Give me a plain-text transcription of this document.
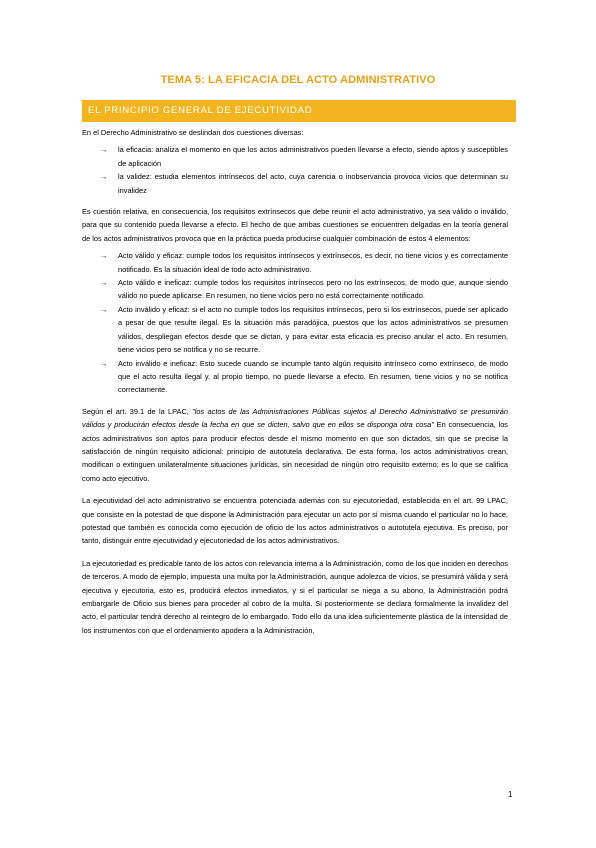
TEMA 5: LA EFICACIA DEL ACTO ADMINISTRATIVO
EL PRINCIPIO GENERAL DE EJECUTIVIDAD

En el Derecho Administrativo se deslindan dos cuestiones diversas:

→ la eficacia: analiza el momento en que los actos administrativos pueden llevarse a efecto, siendo aptos y susceptibles de aplicación
→ la validez: estudia elementos intrínsecos del acto, cuya carencia o inobservancia provoca vicios que determinan su invalidez

Es cuestión relativa, en consecuencia, los requisitos extrínsecos que debe reunir el acto administrativo, ya sea válido o inválido, para que su contenido pueda llevarse a efecto. El hecho de que ambas cuestiones se encuentren delgadas en la teoría general de los actos administrativos provoca que en la práctica pueda producirse cualquier combinación de estos 4 elementos:

→ Acto válido y eficaz: cumple todos los requisitos intrínsecos y extrínsecos, es decir, no tiene vicios y es correctamente notificado. Es la situación ideal de todo acto administrativo.
→ Acto válido e ineficaz: cumple todos los requisitos intrínsecos pero no los extrínsecos, de modo que, aunque siendo válido no puede aplicarse. En resumen, no tiene vicios pero no está correctamente notificado.
→ Acto inválido y eficaz: si el acto no cumple todos los requisitos intrínsecos, pero si los extrínsecos, puede ser aplicado a pesar de que resulte ilegal. Es la situación más paradójica, puestos que los actos administrativos se presumen válidos, despliegan efectos desde que se dictan, y para evitar esta eficacia es preciso anular el acto. En resumen, tiene vicios pero se notifica y no se recurre.
→ Acto inválido e ineficaz: Esto sucede cuando se incumple tanto algún requisito intrínseco como extrínseco, de modo que el acto resulta ilegal y, al propio tiempo, no puede llevarse a efecto. En resumen, tiene vicios y no se notifica correctamente.

Según el art. 39.1 de la LPAC, "los actos de las Administraciones Públicas sujetos al Derecho Administrativo se presumirán válidos y producirán efectos desde la fecha en que se dicten, salvo que en ellos se disponga otra cosa" En consecuencia, los actos administrativos son aptos para producir efectos desde el mismo momento en que son dictados, sin que se precise la satisfacción de ningún requisito adicional: principio de autotutela declarativa. De esta forma, los actos administrativos crean, modifican o extinguen unilateralmente situaciones jurídicas, sin necesidad de ningún otro requisito externo; es lo que se califica como acto ejecutivo.

La ejecutividad del acto administrativo se encuentra potenciada además con su ejecutoriedad, establecida en el art. 99 LPAC, que consiste en la potestad de que dispone la Administración para ejecutar un acto por sí misma cuando el particular no lo hace, potestad que también es conocida como ejecución de oficio de los actos administrativos o autotutela ejecutiva. Es preciso, por tanto, distinguir entre ejecutividad y ejecutoriedad de los actos administrativos.

La ejecutoriedad es predicable tanto de los actos con relevancia interna a la Administración, como de los que inciden en derechos de terceros. A modo de ejemplo, impuesta una multa por la Administración, aunque adolezca de vicios, se presumirá válida y será ejecutiva y ejecutoria, esto es, producirá efectos inmediatos, y si el particular se niega a su abono, la Administración podrá embargarle de Oficio sus bienes para proceder al cobro de la multa. Si posteriormente se declara formalmente la invalidez del acto, el particular tendrá derecho al reintegro de lo embargado. Todo ello da una idea suficientemente plástica de la intensidad de los instrumentos con que el ordenamiento apodera a la Administración,

1
